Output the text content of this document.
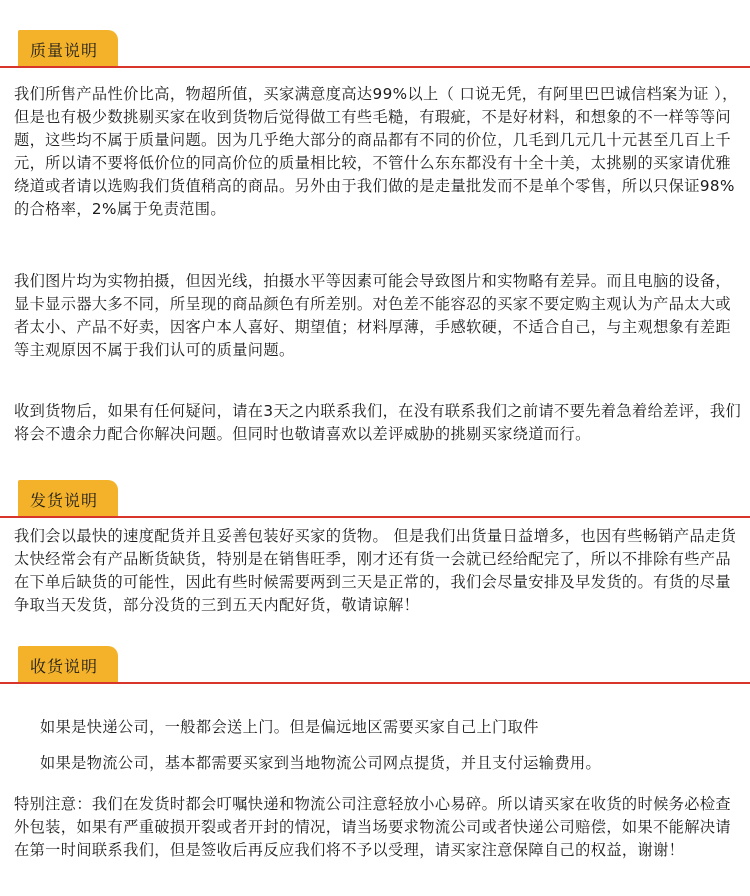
质量说明

我们所售产品性价比高，物超所值，买家满意度高达99%以上（ 口说无凭，有阿里巴巴诚信档案为证 ），但是也有极少数挑剔买家在收到货物后觉得做工有些毛糙，有瑕疵，不是好材料，和想象的不一样等等问题，这些均不属于质量问题。因为几乎绝大部分的商品都有不同的价位，几毛到几元几十元甚至几百上千元，所以请不要将低价位的同高价位的质量相比较，不管什么东东都没有十全十美，太挑剔的买家请优雅绕道或者请以选购我们货值稍高的商品。另外由于我们做的是走量批发而不是单个零售，所以只保证98%的合格率，2%属于免责范围。

我们图片均为实物拍摄，但因光线，拍摄水平等因素可能会导致图片和实物略有差异。而且电脑的设备，显卡显示器大多不同，所呈现的商品颜色有所差别。对色差不能容忍的买家不要定购主观认为产品太大或者太小、产品不好卖，因客户本人喜好、期望值；材料厚薄，手感软硬，不适合自己，与主观想象有差距等主观原因不属于我们认可的质量问题。

收到货物后，如果有任何疑问，请在3天之内联系我们，在没有联系我们之前请不要先着急着给差评，我们将会不遗余力配合你解决问题。但同时也敬请喜欢以差评威胁的挑剔买家绕道而行。

发货说明

我们会以最快的速度配货并且妥善包装好买家的货物。 但是我们出货量日益增多，也因有些畅销产品走货太快经常会有产品断货缺货，特别是在销售旺季，刚才还有货一会就已经给配完了，所以不排除有些产品在下单后缺货的可能性，因此有些时候需要两到三天是正常的，我们会尽量安排及早发货的。有货的尽量争取当天发货，部分没货的三到五天内配好货，敬请谅解！

收货说明

如果是快递公司，一般都会送上门。但是偏远地区需要买家自己上门取件

如果是物流公司，基本都需要买家到当地物流公司网点提货，并且支付运输费用。

特别注意：我们在发货时都会叮嘱快递和物流公司注意轻放小心易碎。所以请买家在收货的时候务必检查外包装，如果有严重破损开裂或者开封的情况，请当场要求物流公司或者快递公司赔偿，如果不能解决请在第一时间联系我们，但是签收后再反应我们将不予以受理，请买家注意保障自己的权益，谢谢！
